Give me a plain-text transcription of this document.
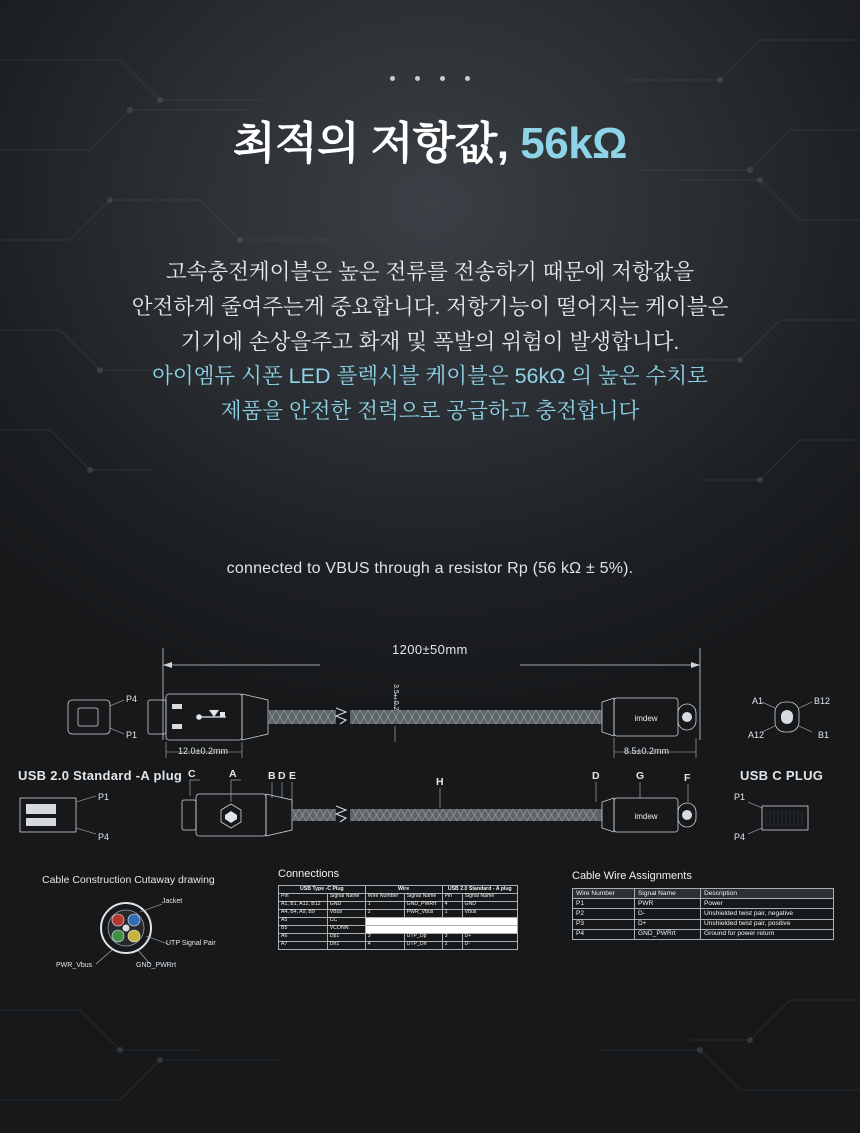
최적의 저항값, 56kΩ
고속충전케이블은 높은 전류를 전송하기 때문에 저항값을
안전하게 줄여주는게 중요합니다. 저항기능이 떨어지는 케이블은
기기에 손상을주고 화재 및 폭발의 위험이 발생합니다.
아이엠듀 시폰 LED 플렉시블 케이블은 56kΩ 의 높은 수치로
제품을 안전한 전력으로 공급하고 충전합니다
connected to VBUS through a resistor Rp (56 kΩ ± 5%).
imdew
imdew
1200±50mm
12.0±0.2mm	8.5±0.2mm
3.5±0.2
P4
P1
P1
P4
A1	B12
A12	B1
P1
P4
C	A	B D E	H	D	G	F
USB 2.0 Standard -A plug	USB C PLUG
Cable Construction Cutaway drawing
Jacket
UTP Signal Pair
PWR_Vbus	GND_PWRrt
Connections
USB Type -C Plug		Wire		USB 2.0 Standard - A plug	
Pin	Signal Name	Wire Number	Signal Name	Pin	Signal Name
A1, B1, A12, B12	GND	1	GND_PWRrt	4	GND
A4, B4, A9, B9	VBus	2	PWR_Vbus	1	Vbus
A5	CC				
B5	VCONN				
A6	Dp1	3	UTP_Dp	3	D+
A7	Dn1	4	UTP_Dn	2	D-
Cable Wire Assignments
Wire Number	Signal Name	Description
P1	PWR	Power
P2	D-	Unshielded twist pair, negative
P3	D+	Unshielded twist pair, positive
P4	GND_PWRrt	Ground for power return
